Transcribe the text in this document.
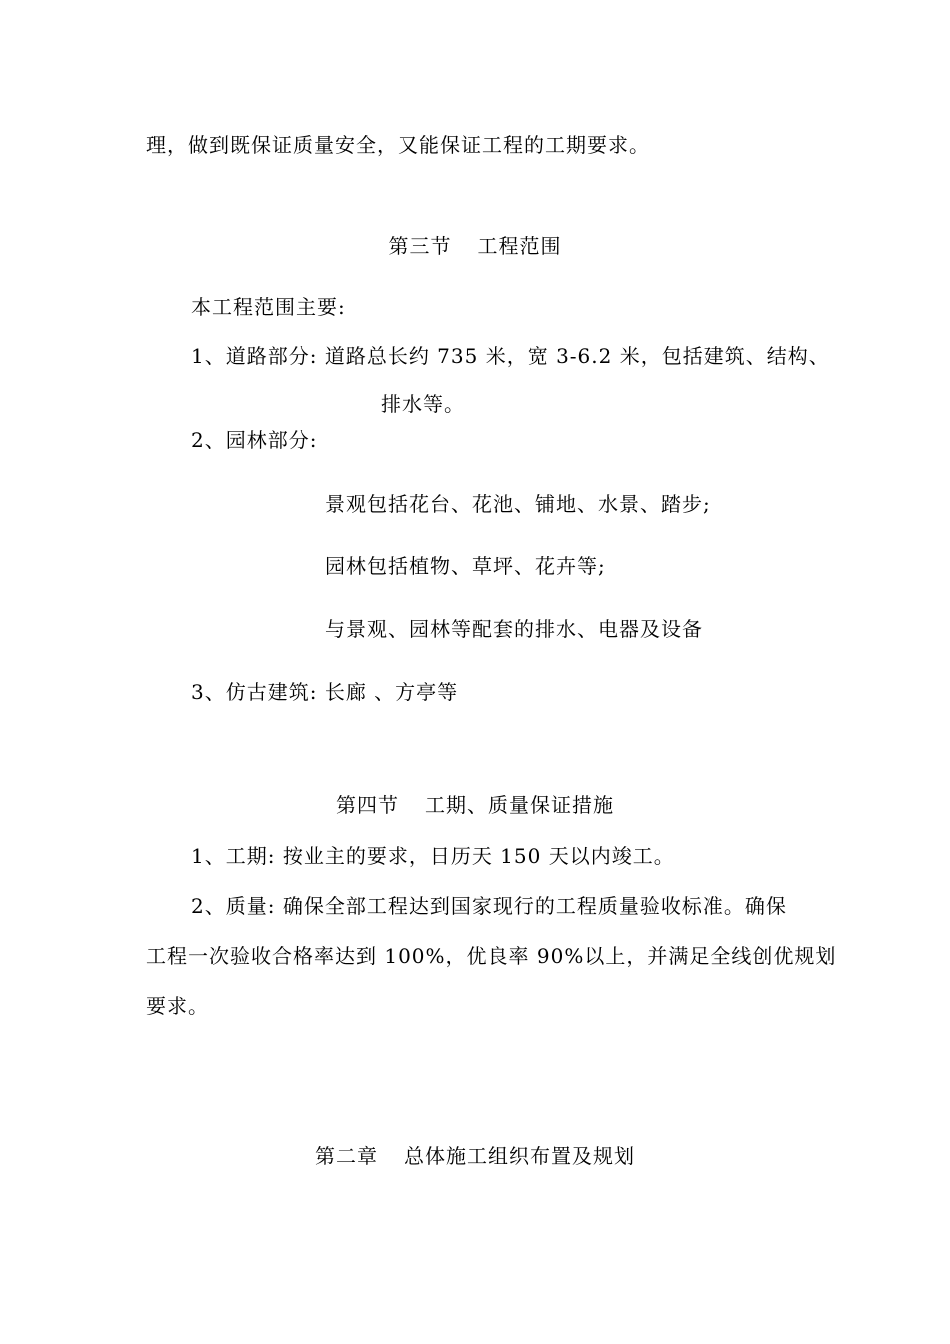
理，做到既保证质量安全，又能保证工程的工期要求。
第三节 工程范围
本工程范围主要:
1、道路部分: 道路总长约 735 米，宽 3-6.2 米，包括建筑、结构、
排水等。
2、园林部分:
景观包括花台、花池、铺地、水景、踏步;
园林包括植物、草坪、花卉等;
与景观、园林等配套的排水、电器及设备
3、仿古建筑: 长廊 、方亭等
第四节 工期、质量保证措施
1、工期: 按业主的要求，日历天 150 天以内竣工。
2、质量: 确保全部工程达到国家现行的工程质量验收标准。确保
工程一次验收合格率达到 100%，优良率 90%以上，并满足全线创优规划
要求。
第二章 总体施工组织布置及规划
